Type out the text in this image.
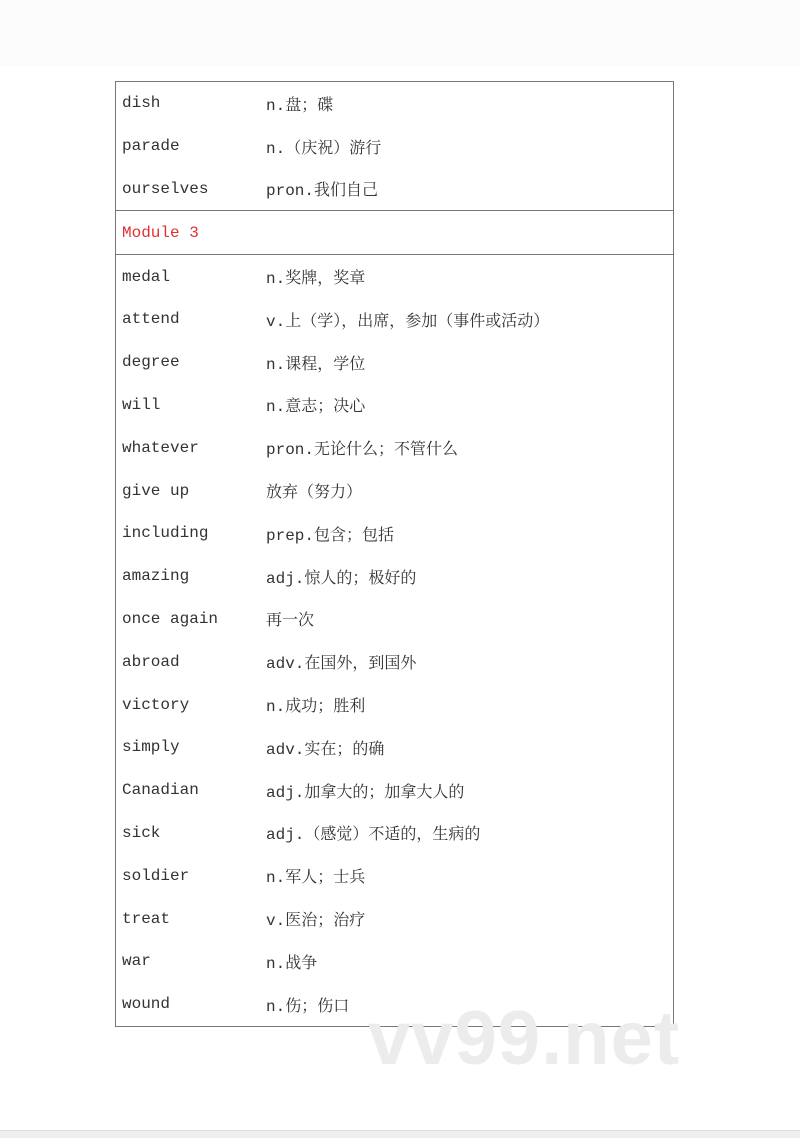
dish	n.盘；碟
parade	n.（庆祝）游行
ourselves	pron.我们自己
Module 3
medal	n.奖牌，奖章
attend	v.上（学），出席，参加（事件或活动）
degree	n.课程，学位
will	n.意志；决心
whatever	pron.无论什么；不管什么
give up	放弃（努力）
including	prep.包含；包括
amazing	adj.惊人的；极好的
once again	再一次
abroad	adv.在国外，到国外
victory	n.成功；胜利
simply	adv.实在；的确
Canadian	adj.加拿大的；加拿大人的
sick	adj.（感觉）不适的，生病的
soldier	n.军人；士兵
treat	v.医治；治疗
war	n.战争
wound	n.伤；伤口 vv99.net
